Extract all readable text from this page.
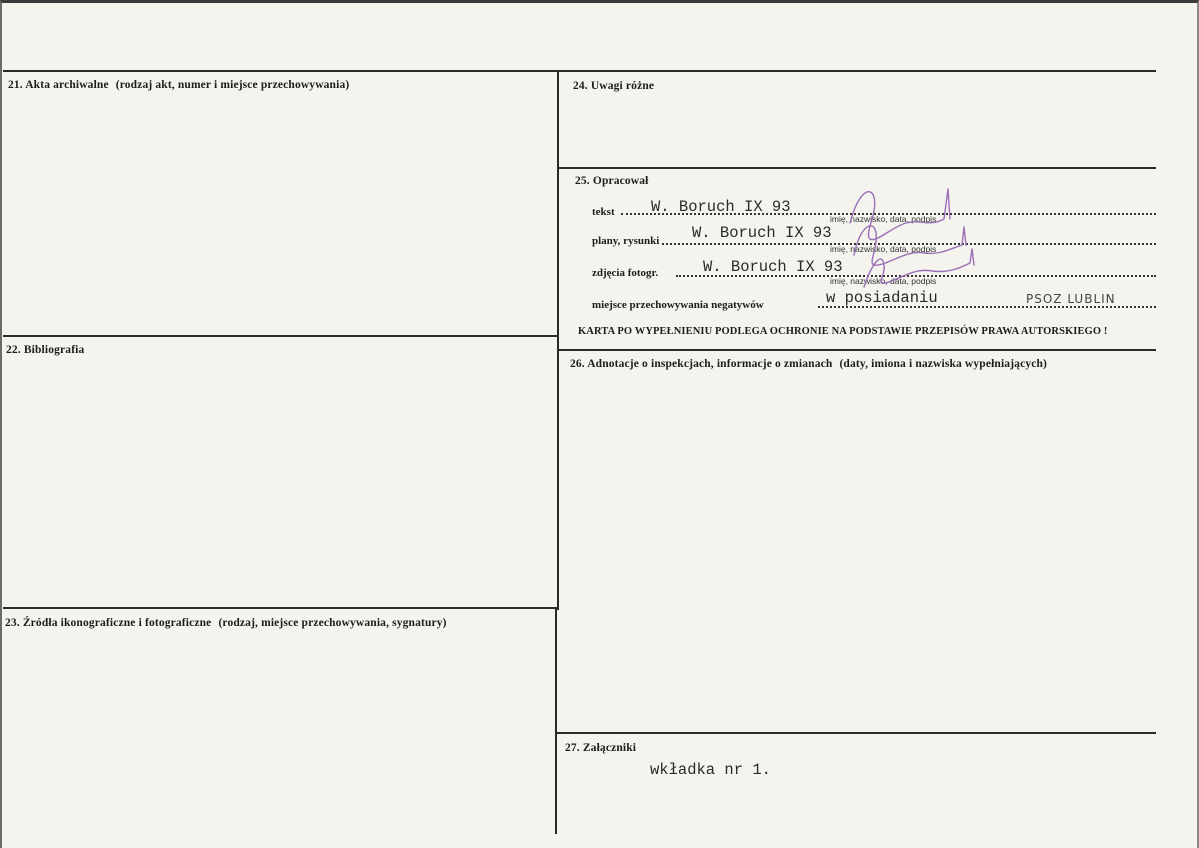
21. Akta archiwalne (rodzaj akt, numer i miejsce przechowywania)
22. Bibliografia
23. Źródła ikonograficzne i fotograficzne (rodzaj, miejsce przechowywania, sygnatury)
24. Uwagi różne
25. Opracował
tekst W. Boruch IX 93
imię, nazwisko, data, podpis
plany, rysunki W. Boruch IX 93
imię, nazwisko, data, podpis
zdjęcia fotogr.	W. Boruch IX 93
imię, nazwisko, data, podpis
miejsce przechowywania negatywów	w posiadaniu	PSOZ LUBLIN
KARTA PO WYPEŁNIENIU PODLEGA OCHRONIE NA PODSTAWIE PRZEPISÓW PRAWA AUTORSKIEGO !
26. Adnotacje o inspekcjach, informacje o zmianach (daty, imiona i nazwiska wypełniających)
27. Załączniki
wkładka nr 1.
